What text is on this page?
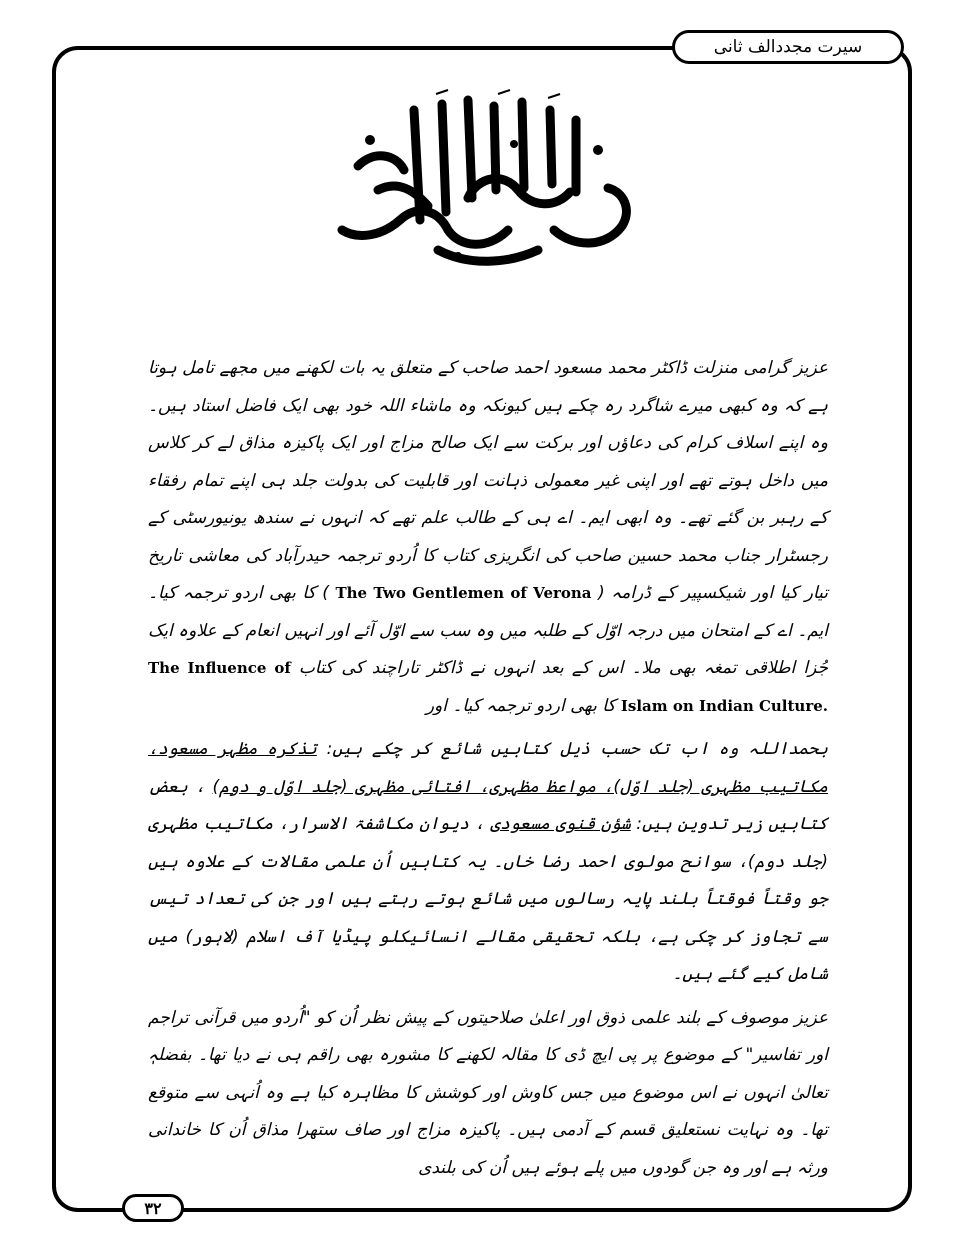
سیرت مجددالف ثانی

عزیز گرامی منزلت ڈاکٹر محمد مسعود احمد صاحب کے متعلق یہ بات لکھنے میں مجھے تامل ہوتا ہے کہ وہ کبھی میرے شاگرد رہ چکے ہیں کیونکہ وہ ماشاء اللہ خود بھی ایک فاضل استاد ہیں۔ وہ اپنے اسلاف کرام کی دعاؤں اور برکت سے ایک صالح مزاج اور ایک پاکیزہ مذاق لے کر کلاس میں داخل ہوتے تھے اور اپنی غیر معمولی ذہانت اور قابلیت کی بدولت جلد ہی اپنے تمام رفقاء کے رہبر بن گئے تھے۔ وہ ابھی ایم۔ اے ہی کے طالب علم تھے کہ انہوں نے سندھ یونیورسٹی کے رجسٹرار جناب محمد حسین صاحب کی انگریزی کتاب کا اُردو ترجمہ حیدرآباد کی معاشی تاریخ تیار کیا اور شیکسپیر کے ڈرامہ ( The Two Gentlemen of Verona ) کا بھی اردو ترجمہ کیا۔ ایم۔ اے کے امتحان میں درجہ اوّل کے طلبہ میں وہ سب سے اوّل آئے اور انہیں انعام کے علاوہ ایک جُزا اطلاقی تمغہ بھی ملا۔ اس کے بعد انہوں نے ڈاکٹر تاراچند کی کتاب The Influence of Islam on Indian Culture. کا بھی اردو ترجمہ کیا۔ اور

بحمداللہ وہ اب تک حسب ذیل کتابیں شائع کر چکے ہیں: تذکرہ مظہر مسعود، مکاتیب مظہری (جلد اوّل)، مواعظ مظہری، افتائی مظہری (جلد اوّل و دوم) ، بعض کتابیں زیر تدوین ہیں: شؤن قنوی مسعودی ، دیوان مکاشفۃ الاسرار، مکاتیب مظہری (جلد دوم)، سوانح مولوی احمد رضا خاں۔ یہ کتابیں اُن علمی مقالات کے علاوہ ہیں جو وقتاً فوقتاً بلند پایہ رسالوں میں شائع ہوتے رہتے ہیں اور جن کی تعداد تیس سے تجاوز کر چکی ہے، بلکہ تحقیقی مقالے انسائیکلو پیڈیا آف اسلام (لاہور) میں شامل کیے گئے ہیں۔

عزیز موصوف کے بلند علمی ذوق اور اعلیٰ صلاحیتوں کے پیش نظر اُن کو "اُردو میں قرآنی تراجم اور تفاسیر" کے موضوع پر پی ایچ ڈی کا مقالہ لکھنے کا مشورہ بھی راقم ہی نے دیا تھا۔ بفضلہٖ تعالیٰ انہوں نے اس موضوع میں جس کاوش اور کوشش کا مظاہرہ کیا ہے وہ اُنہی سے متوقع تھا۔ وہ نہایت نستعلیق قسم کے آدمی ہیں۔ پاکیزہ مزاج اور صاف ستھرا مذاق اُن کا خاندانی ورثہ ہے اور وہ جن گودوں میں پلے ہوئے ہیں اُن کی بلندی

۳۲
